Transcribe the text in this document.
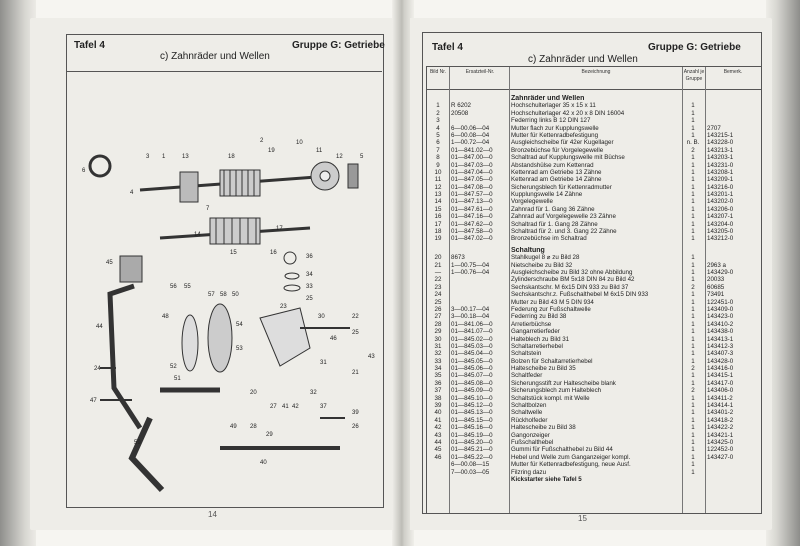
Tafel 4	Gruppe G: Getriebe
c) Zahnräder und Wellen
6
3 1	13	18
2
19
10
11
12	5
4
7
14
15	16
17
45
44
36
34
33
25
56 55
57 58 50
48
54
53
52
51
22
25
43
46
23
30
31
21
24
47
20
27 41 42
28
29
32
39
26
37
49
40
59
14
Tafel 4	Gruppe G: Getriebe
c) Zahnräder und Wellen
Bild Nr.	Ersatzteil-Nr.	Bezeichnung	Anzahl je Gruppe
Bemerk.
Zahnräder und Wellen
1	R 6202	Hochschulterlager 35 x 15 x 11	1
2	20508	Hochschulterlager 42 x 20 x 8 DIN 16004	1
3	Federring links B 12 DIN 127	1
4	6—00.06—04	Mutter flach zur Kupplungswelle	1	2707
5	6—00.08—04	Mutter für Kettenradbefestigung	1	143215-1
6	1—00.72—04	Ausgleichscheibe für 42er Kugellager	n. B.	143228-0
7	01—841.02—0	Bronzebüchse für Vorgelegewelle	2	143213-1
8	01—847.00—0	Schaltrad auf Kupplungswelle mit Büchse	1	143203-1
9	01—847.03—0	Abstandshülse zum Kettenrad	1	143231-0
10	01—847.04—0	Kettenrad am Getriebe 13 Zähne	1	143208-1
11	01—847.05—0	Kettenrad am Getriebe 14 Zähne	1	143209-1
12	01—847.08—0	Sicherungsblech für Kettenradmutter	1	143216-0
13	01—847.57—0	Kupplungswelle 14 Zähne	1	143201-1
14	01—847.13—0	Vorgelegewelle	1	143202-0
15	01—847.61—0	Zahnrad für 1. Gang 36 Zähne	1	143206-0
16	01—847.16—0	Zahnrad auf Vorgelegewelle 23 Zähne	1	143207-1
17	01—847.62—0	Schaltrad für 1. Gang 28 Zähne	1	143204-0
18	01—847.58—0	Schaltrad für 2. und 3. Gang 22 Zähne	1	143205-0
19	01—847.02—0	Bronzebüchse im Schaltrad	1	143212-0
Schaltung
20	8673	Stahlkugel 8 ⌀ zu Bild 28	1
21	1—00.75—04	Nietscheibe zu Bild 32	1	2963 a
—	1—00.76—04	Ausgleichscheibe zu Bild 32 ohne Abbildung	1	143429-0
22	Zylinderschraube BM 5x18 DIN 84 zu Bild 42	1	20033
23	Sechskantschr. M 6x15 DIN 933 zu Bild 37	2	60685
24	Sechskantschr.z. Fußschalthebel M 6x15 DIN 933	1	73491
25	Mutter zu Bild 43 M 5 DIN 934	1	122451-0
26	3—00.17—04	Federung zur Fußschaltwelle	1	143409-0
27	3—00.18—04	Federring zu Bild 38	1	143423-0
28	01—841.06—0	Arretierbüchse	1	143410-2
29	01—841.07—0	Gangarretierfeder	1	143438-0
30	01—845.02—0	Halteblech zu Bild 31	1	143413-1
31	01—845.03—0	Schaltarretierhebel	1	143412-3
32	01—845.04—0	Schaltstein	1	143407-3
33	01—845.05—0	Bolzen für Schaltarretierhebel	1	143428-0
34	01—845.06—0	Haltescheibe zu Bild 35	2	143416-0
35	01—845.07—0	Schaltfeder	1	143415-1
36	01—845.08—0	Sicherungsstift zur Haltescheibe blank	1	143417-0
37	01—845.09—0	Sicherungsblech zum Halteblech	2	143406-0
38	01—845.10—0	Schaltstück kompl. mit Welle	1	143411-2
39	01—845.12—0	Schaltbolzen	1	143414-1
40	01—845.13—0	Schaltwelle	1	143401-2
41	01—845.15—0	Rückholfeder	1	143418-2
42	01—845.16—0	Haltescheibe zu Bild 38	1	143422-2
43	01—845.19—0	Gangonzeiger	1	143421-1
44	01—845.20—0	Fußschalthebel	1	143425-0
45	01—845.21—0	Gummi für Fußschalthebel zu Bild 44	1	122452-0
46	01—845.22—0	Hebel und Welle zum Ganganzeiger kompl.	1	143427-0
6—00.08—15	Mutter für Kettenradbefestigung, neue Ausf.	1
7—00.03—05	Filzring dazu	1
Kickstarter siehe Tafel 5
15
